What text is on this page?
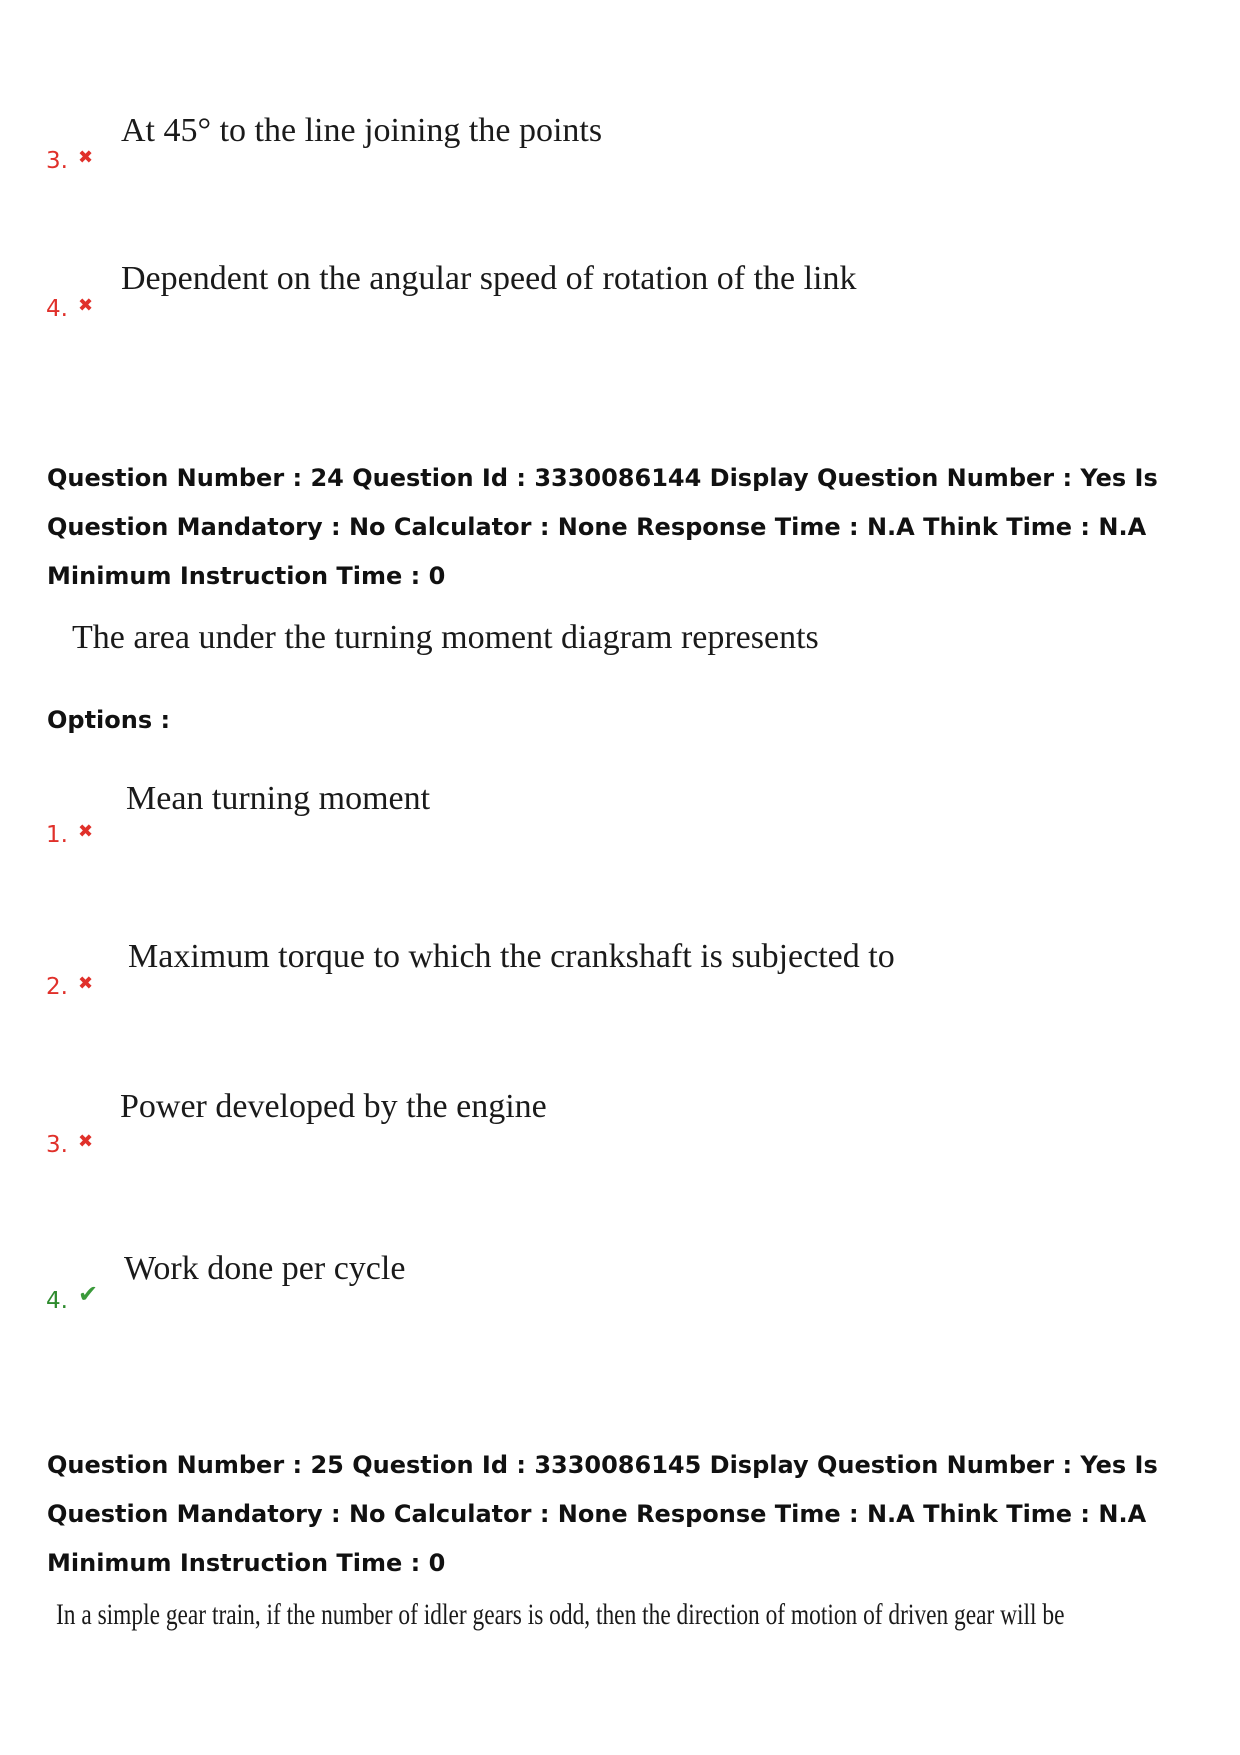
3. ✖
At 45° to the line joining the points
4. ✖
Dependent on the angular speed of rotation of the link
Question Number : 24 Question Id : 3330086144 Display Question Number : Yes Is Question Mandatory : No Calculator : None Response Time : N.A Think Time : N.A Minimum Instruction Time : 0
The area under the turning moment diagram represents
Options :
1. ✖
Mean turning moment
2. ✖
Maximum torque to which the crankshaft is subjected to
3. ✖
Power developed by the engine
4. ✔
Work done per cycle
Question Number : 25 Question Id : 3330086145 Display Question Number : Yes Is Question Mandatory : No Calculator : None Response Time : N.A Think Time : N.A Minimum Instruction Time : 0
In a simple gear train, if the number of idler gears is odd, then the direction of motion of driven gear will be
